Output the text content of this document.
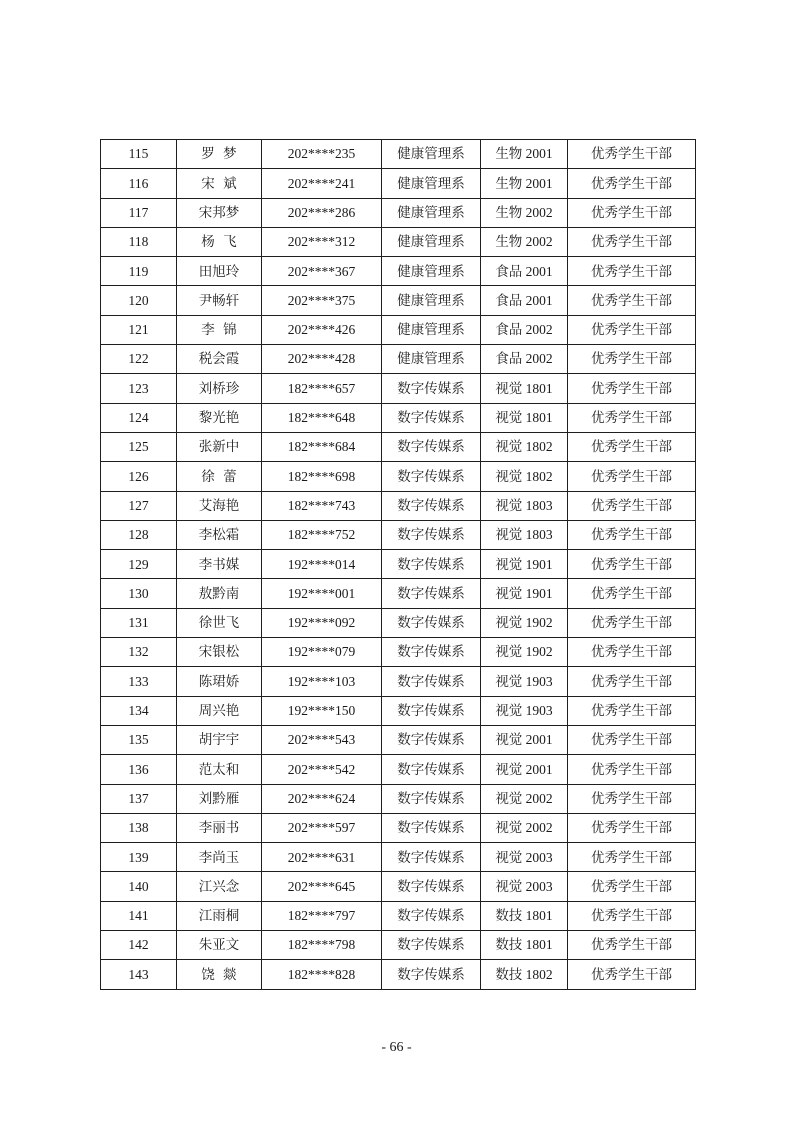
115	罗梦	202****235	健康管理系	生物 2001	优秀学生干部
116	宋斌	202****241	健康管理系	生物 2001	优秀学生干部
117	宋邦梦	202****286	健康管理系	生物 2002	优秀学生干部
118	杨飞	202****312	健康管理系	生物 2002	优秀学生干部
119	田旭玲	202****367	健康管理系	食品 2001	优秀学生干部
120	尹畅轩	202****375	健康管理系	食品 2001	优秀学生干部
121	李锦	202****426	健康管理系	食品 2002	优秀学生干部
122	税会霞	202****428	健康管理系	食品 2002	优秀学生干部
123	刘桥珍	182****657	数字传媒系	视觉 1801	优秀学生干部
124	黎光艳	182****648	数字传媒系	视觉 1801	优秀学生干部
125	张新中	182****684	数字传媒系	视觉 1802	优秀学生干部
126	徐蕾	182****698	数字传媒系	视觉 1802	优秀学生干部
127	艾海艳	182****743	数字传媒系	视觉 1803	优秀学生干部
128	李松霜	182****752	数字传媒系	视觉 1803	优秀学生干部
129	李书媒	192****014	数字传媒系	视觉 1901	优秀学生干部
130	敖黔南	192****001	数字传媒系	视觉 1901	优秀学生干部
131	徐世飞	192****092	数字传媒系	视觉 1902	优秀学生干部
132	宋银松	192****079	数字传媒系	视觉 1902	优秀学生干部
133	陈珺娇	192****103	数字传媒系	视觉 1903	优秀学生干部
134	周兴艳	192****150	数字传媒系	视觉 1903	优秀学生干部
135	胡宇宇	202****543	数字传媒系	视觉 2001	优秀学生干部
136	范太和	202****542	数字传媒系	视觉 2001	优秀学生干部
137	刘黔雁	202****624	数字传媒系	视觉 2002	优秀学生干部
138	李丽书	202****597	数字传媒系	视觉 2002	优秀学生干部
139	李尚玉	202****631	数字传媒系	视觉 2003	优秀学生干部
140	江兴念	202****645	数字传媒系	视觉 2003	优秀学生干部
141	江雨桐	182****797	数字传媒系	数技 1801	优秀学生干部
142	朱亚文	182****798	数字传媒系	数技 1801	优秀学生干部
143	饶燚	182****828	数字传媒系	数技 1802	优秀学生干部
- 66 -
